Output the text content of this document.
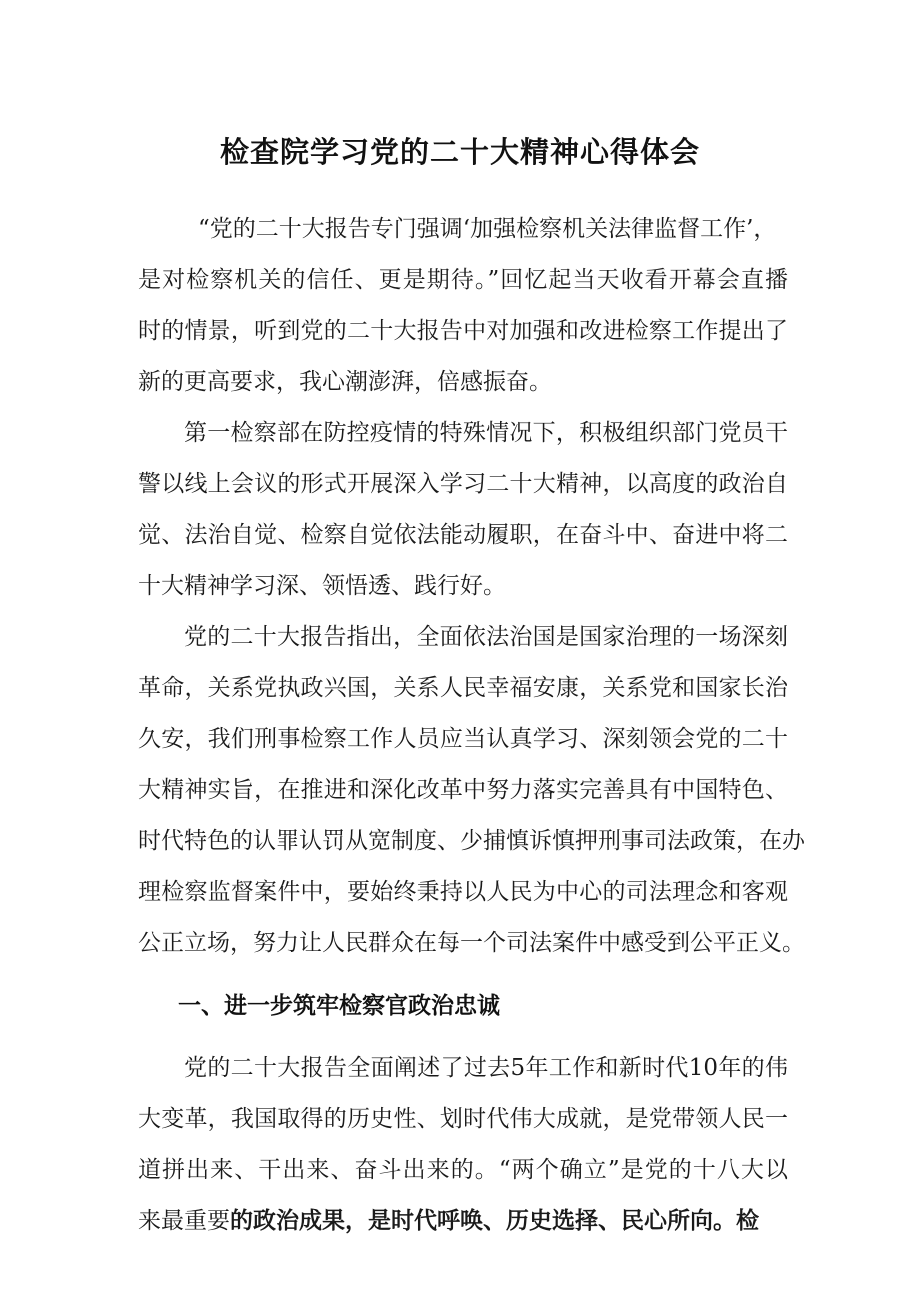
检查院学习党的二十大精神心得体会
“党的二十大报告专门强调‘加强检察机关法律监督工作’，
是对检察机关的信任、更是期待。”回忆起当天收看开幕会直播
时的情景，听到党的二十大报告中对加强和改进检察工作提出了
新的更高要求，我心潮澎湃，倍感振奋。
第一检察部在防控疫情的特殊情况下，积极组织部门党员干
警以线上会议的形式开展深入学习二十大精神，以高度的政治自
觉、法治自觉、检察自觉依法能动履职，在奋斗中、奋进中将二
十大精神学习深、领悟透、践行好。
党的二十大报告指出，全面依法治国是国家治理的一场深刻
革命，关系党执政兴国，关系人民幸福安康，关系党和国家长治
久安，我们刑事检察工作人员应当认真学习、深刻领会党的二十
大精神实旨，在推进和深化改革中努力落实完善具有中国特色、
时代特色的认罪认罚从宽制度、少捕慎诉慎押刑事司法政策，在办
理检察监督案件中，要始终秉持以人民为中心的司法理念和客观
公正立场，努力让人民群众在每一个司法案件中感受到公平正义。
一、进一步筑牢检察官政治忠诚
党的二十大报告全面阐述了过去5年工作和新时代10年的伟
大变革，我国取得的历史性、划时代伟大成就，是党带领人民一
道拼出来、干出来、奋斗出来的。“两个确立”是党的十八大以
来最重要的政治成果，是时代呼唤、历史选择、民心所向。检
